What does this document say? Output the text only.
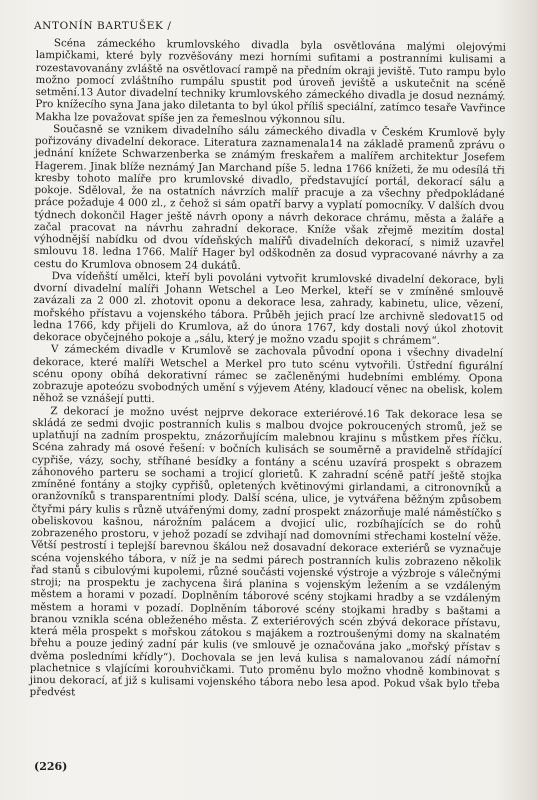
ANTONÍN BARTUŠEK /

Scéna zámeckého krumlovského divadla byla osvětlována malými olejovými lampičkami, které byly rozvěšovány mezi horními sufitami a postranními kulisami a rozestavovanány zvláště na osvětlovací rampě na předním okraji jeviště. Tuto rampu bylo možno pomocí zvláštního rumpálu spustit pod úroveň jeviště a uskutečnit na scéně setmění.13 Autor divadelní techniky krumlovského zámeckého divadla je dosud neznámý. Pro knížecího syna Jana jako diletanta to byl úkol příliš speciální, zatímco tesaře Vavřince Makha lze považovat spíše jen za řemeslnou výkonnou sílu.

Současně se vznikem divadelního sálu zámeckého divadla v Českém Krumlově byly pořizovány divadelní dekorace. Literatura zaznamenala14 na základě pramenů zprávu o jednání knížete Schwarzenberka se známým freskařem a malířem architektur Josefem Hagerem. Jinak blíže neznámý Jan Marchand píše 5. ledna 1766 knížeti, že mu odesílá tři kresby tohoto malíře pro krumlovské divadlo, představující portál, dekorací sálu a pokoje. Sděloval, že na ostatních návrzích malíř pracuje a za všechny předpokládané práce požaduje 4 000 zl., z čehož si sám opatří barvy a vyplatí pomocníky. V dalších dvou týdnech dokončil Hager ještě návrh opony a návrh dekorace chrámu, města a žaláře a začal pracovat na návrhu zahradní dekorace. Kníže však zřejmě mezitím dostal výhodnější nabídku od dvou vídeňských malířů divadelních dekorací, s nimiž uzavřel smlouvu 18. ledna 1766. Malíř Hager byl odškodněn za dosud vypracované návrhy a za cestu do Krumlova obnosem 24 dukátů.

Dva vídeňští umělci, kteří byli povoláni vytvořit krumlovské divadelní dekorace, byli dvorní divadelní malíři Johann Wetschel a Leo Merkel, kteří se v zmíněné smlouvě zavázali za 2 000 zl. zhotovit oponu a dekorace lesa, zahrady, kabinetu, ulice, vězení, mořského přístavu a vojenského tábora. Průběh jejich prací lze archivně sledovat15 od ledna 1766, kdy přijeli do Krumlova, až do února 1767, kdy dostali nový úkol zhotovit dekorace obyčejného pokoje a „sálu, který je možno vzadu spojit s chrámem“.

V zámeckém divadle v Krumlově se zachovala původní opona i všechny divadelní dekorace, které malíři Wetschel a Merkel pro tuto scénu vytvořili. Ústřední figurální scénu opony obíhá dekorativní rámec se začleněnými hudebními emblémy. Opona zobrazuje apoteózu svobodných umění s výjevem Atény, kladoucí věnec na obelisk, kolem něhož se vznášejí putti.

Z dekorací je možno uvést nejprve dekorace exteriérové.16 Tak dekorace lesa se skládá ze sedmi dvojic postranních kulis s malbou dvojce pokroucených stromů, jež se uplatňují na zadním prospektu, znázorňujícím malebnou krajinu s můstkem přes říčku. Scéna zahrady má osové řešení: v bočních kulisách se souměrně a pravidelně střídající cypřiše, vázy, sochy, stříhané besídky a fontány a scénu uzavírá prospekt s obrazem záhonového parteru se sochami a trojicí glorietů. K zahradní scéně patří ještě stojka zmíněné fontány a stojky cypřišů, opletených květinovými girlandami, a citronovníků a oranžovníků s transparentními plody. Další scéna, ulice, je vytvářena běžným způsobem čtyřmi páry kulis s různě utvářenými domy, zadní prospekt znázorňuje malé náměstíčko s obeliskovou kašnou, nárožním palácem a dvojicí ulic, rozbíhajících se do rohů zobrazeného prostoru, v jehož pozadí se zdvihají nad domovními střechami kostelní věže. Větší pestrostí i teplejší barevnou škálou než dosavadní dekorace exteriérů se vyznačuje scéna vojenského tábora, v níž je na sedmi párech postranních kulis zobrazeno několik řad stanů s cibulovými kupolemi, různé součásti vojenské výstroje a výzbroje s válečnými stroji; na prospektu je zachycena širá planina s vojenským ležením a se vzdáleným městem a horami v pozadí. Doplněním táborové scény stojkami hradby a se vzdáleným městem a horami v pozadí. Doplněním táborové scény stojkami hradby s baštami a branou vznikla scéna obleženého města. Z exteriérových scén zbývá dekorace přístavu, která měla prospekt s mořskou zátokou s majákem a roztroušenými domy na skalnatém břehu a pouze jediný zadní pár kulis (ve smlouvě je označována jako „mořský přístav s dvěma posledními křídly“). Dochovala se jen levá kulisa s namalovanou zádí námořní plachetnice s vlajícími korouhvičkami. Tuto proměnu bylo možno vhodně kombinovat s jinou dekorací, ať již s kulisami vojenského tábora nebo lesa apod. Pokud však bylo třeba předvést

(226)
